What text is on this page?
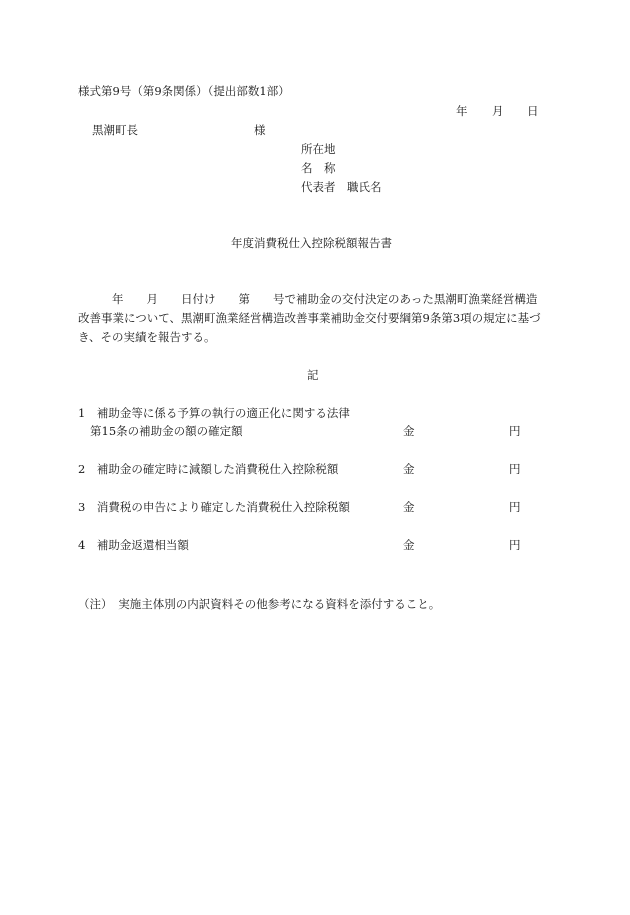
様式第9号（第9条関係）（提出部数1部）
年 月 日
黒潮町長	様
所在地
名　称
代表者　職氏名
年度消費税仕入控除税額報告書
年　　月　　日付け　　第　　号で補助金の交付決定のあった黒潮町漁業経営構造
改善事業について、黒潮町漁業経営構造改善事業補助金交付要綱第9条第3項の規定に基づ
き、その実績を報告する。
記
1　補助金等に係る予算の執行の適正化に関する法律
第15条の補助金の額の確定額	金	円
2　補助金の確定時に減額した消費税仕入控除税額	金	円
3　消費税の申告により確定した消費税仕入控除税額	金	円
4　補助金返還相当額	金	円
（注）　実施主体別の内訳資料その他参考になる資料を添付すること。
